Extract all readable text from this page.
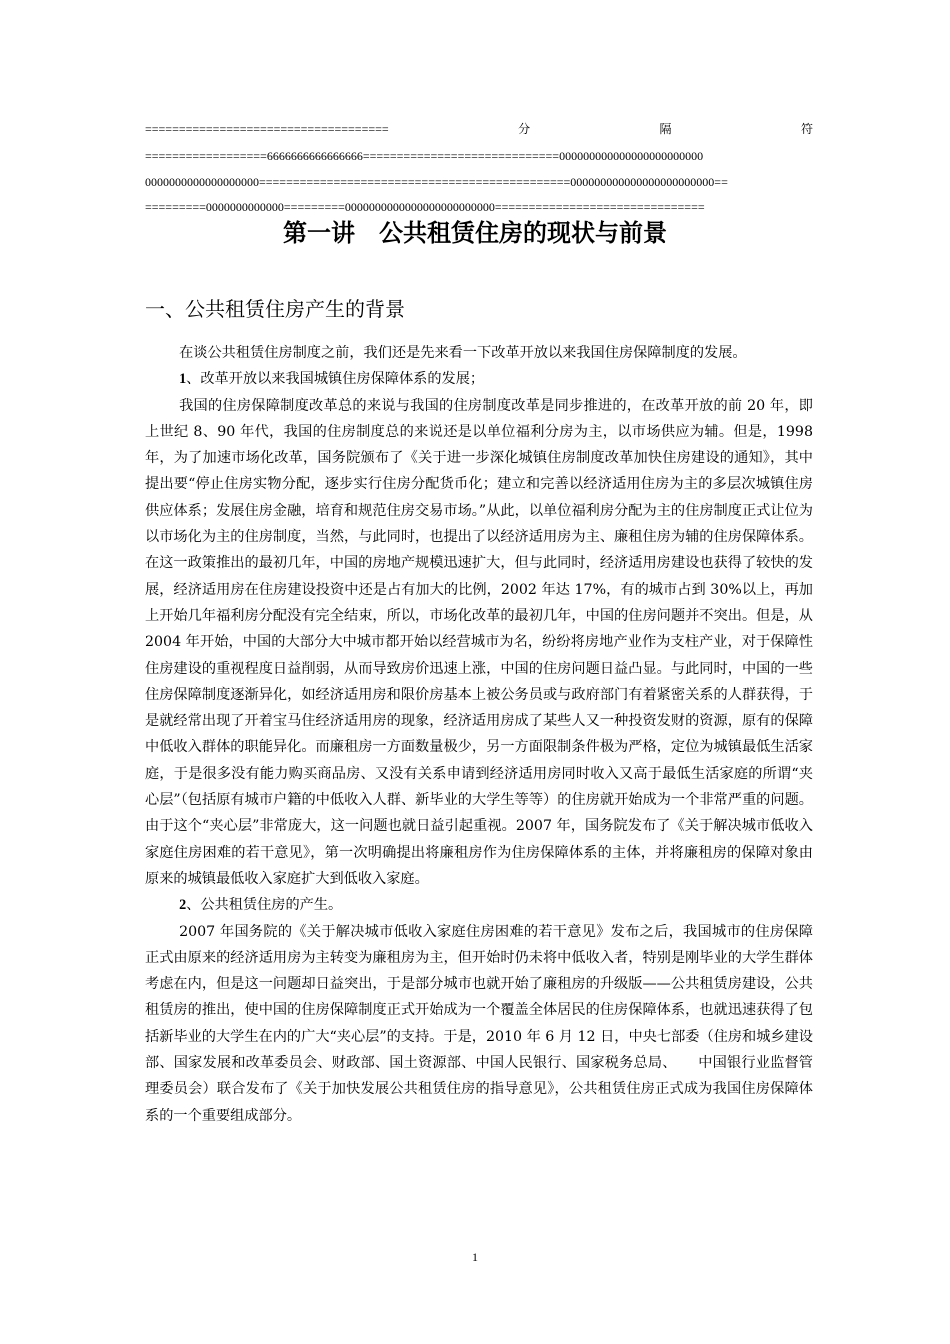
====================================	分	隔	符
==================6666666666666666=============================000000000000000000000000
0000000000000000000==============================================000000000000000000000000==
=========0000000000000=========0000000000000000000000000===============================
第一讲　公共租赁住房的现状与前景
一、公共租赁住房产生的背景

在谈公共租赁住房制度之前，我们还是先来看一下改革开放以来我国住房保障制度的发展。

1、改革开放以来我国城镇住房保障体系的发展；

我国的住房保障制度改革总的来说与我国的住房制度改革是同步推进的，在改革开放的前 20 年，即上世纪 8、90 年代，我国的住房制度总的来说还是以单位福利分房为主，以市场供应为辅。但是，1998 年，为了加速市场化改革，国务院颁布了《关于进一步深化城镇住房制度改革加快住房建设的通知》，其中提出要“停止住房实物分配，逐步实行住房分配货币化；建立和完善以经济适用住房为主的多层次城镇住房供应体系；发展住房金融，培育和规范住房交易市场。”从此，以单位福利房分配为主的住房制度正式让位为以市场化为主的住房制度，当然，与此同时，也提出了以经济适用房为主、廉租住房为辅的住房保障体系。在这一政策推出的最初几年，中国的房地产规模迅速扩大，但与此同时，经济适用房建设也获得了较快的发展，经济适用房在住房建设投资中还是占有加大的比例，2002 年达 17%，有的城市占到 30%以上，再加上开始几年福利房分配没有完全结束，所以，市场化改革的最初几年，中国的住房问题并不突出。但是，从 2004 年开始，中国的大部分大中城市都开始以经营城市为名，纷纷将房地产业作为支柱产业，对于保障性住房建设的重视程度日益削弱，从而导致房价迅速上涨，中国的住房问题日益凸显。与此同时，中国的一些住房保障制度逐渐异化，如经济适用房和限价房基本上被公务员或与政府部门有着紧密关系的人群获得，于是就经常出现了开着宝马住经济适用房的现象，经济适用房成了某些人又一种投资发财的资源，原有的保障中低收入群体的职能异化。而廉租房一方面数量极少，另一方面限制条件极为严格，定位为城镇最低生活家庭，于是很多没有能力购买商品房、又没有关系申请到经济适用房同时收入又高于最低生活家庭的所谓“夹心层”（包括原有城市户籍的中低收入人群、新毕业的大学生等等）的住房就开始成为一个非常严重的问题。由于这个“夹心层”非常庞大，这一问题也就日益引起重视。2007 年，国务院发布了《关于解决城市低收入家庭住房困难的若干意见》，第一次明确提出将廉租房作为住房保障体系的主体，并将廉租房的保障对象由原来的城镇最低收入家庭扩大到低收入家庭。

2、公共租赁住房的产生。

2007 年国务院的《关于解决城市低收入家庭住房困难的若干意见》发布之后，我国城市的住房保障正式由原来的经济适用房为主转变为廉租房为主，但开始时仍未将中低收入者，特别是刚毕业的大学生群体考虑在内，但是这一问题却日益突出，于是部分城市也就开始了廉租房的升级版——公共租赁房建设，公共租赁房的推出，使中国的住房保障制度正式开始成为一个覆盖全体居民的住房保障体系，也就迅速获得了包括新毕业的大学生在内的广大“夹心层”的支持。于是，2010 年 6 月 12 日，中央七部委（住房和城乡建设部、国家发展和改革委员会、财政部、国土资源部、中国人民银行、国家税务总局、　　中国银行业监督管理委员会）联合发布了《关于加快发展公共租赁住房的指导意见》，公共租赁住房正式成为我国住房保障体系的一个重要组成部分。

1
